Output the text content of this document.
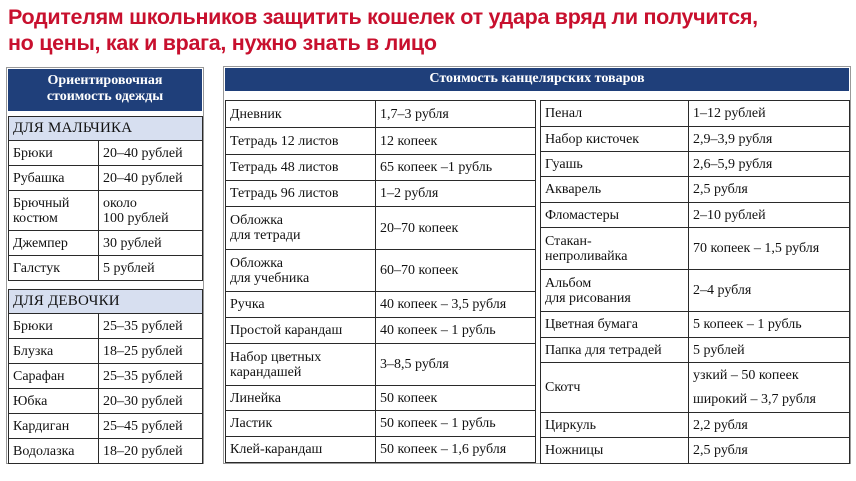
Родителям школьников защитить кошелек от удара вряд ли получится,
но цены, как и врага, нужно знать в лицо
Ориентировочная
стоимость одежды
ДЛЯ МАЛЬЧИКА	
Брюки	20–40 рублей
Рубашка	20–40 рублей
Брючный
костюм	около
100 рублей
Джемпер	30 рублей
Галстук	5 рублей
ДЛЯ ДЕВОЧКИ	
Брюки	25–35 рублей
Блузка	18–25 рублей
Сарафан	25–35 рублей
Юбка	20–30 рублей
Кардиган	25–45 рублей
Водолазка	18–20 рублей
Стоимость канцелярских товаров
Дневник	1,7–3 рубля
Тетрадь 12 листов	12 копеек
Тетрадь 48 листов	65 копеек –1 рубль
Тетрадь 96 листов	1–2 рубля
Обложка
для тетради	20–70 копеек
Обложка
для учебника	60–70 копеек
Ручка	40 копеек – 3,5 рубля
Простой карандаш	40 копеек – 1 рубль
Набор цветных
карандашей	3–8,5 рубля
Линейка	50 копеек
Ластик	50 копеек – 1 рубль
Клей-карандаш	50 копеек – 1,6 рубля
Пенал	1–12 рублей
Набор кисточек	2,9–3,9 рубля
Гуашь	2,6–5,9 рубля
Акварель	2,5 рубля
Фломастеры	2–10 рублей
Стакан-
непроливайка	70 копеек – 1,5 рубля
Альбом
для рисования	2–4 рубля
Цветная бумага	5 копеек – 1 рубль
Папка для тетрадей	5 рублей
Скотч	узкий – 50 копеек
	широкий – 3,7 рубля
Циркуль	2,2 рубля
Ножницы	2,5 рубля
